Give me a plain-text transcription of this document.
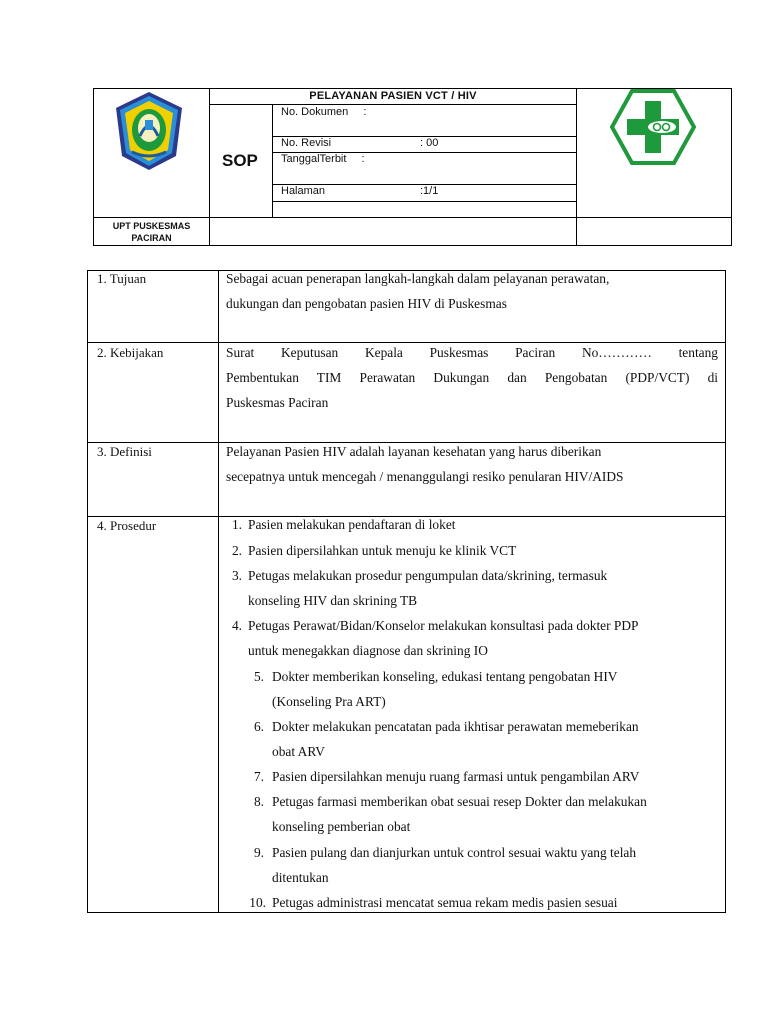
PELAYANAN PASIEN VCT / HIV
SOP
No. Dokumen :
No. Revisi	: 00
TanggalTerbit :
Halaman	:1/1
UPT PUSKESMAS
PACIRAN
1. Tujuan	Sebagai acuan penerapan langkah-langkah dalam pelayanan perawatan,
dukungan dan pengobatan pasien HIV di Puskesmas
2. Kebijakan	Surat Keputusan Kepala Puskesmas Paciran No………… tentang
Pembentukan TIM Perawatan Dukungan dan Pengobatan (PDP/VCT) di
Puskesmas Paciran
3. Definisi	Pelayanan Pasien HIV adalah layanan kesehatan yang harus diberikan
secepatnya untuk mencegah / menanggulangi resiko penularan HIV/AIDS
4. Prosedur	1. Pasien melakukan pendaftaran di loket
2. Pasien dipersilahkan untuk menuju ke klinik VCT
3. Petugas melakukan prosedur pengumpulan data/skrining, termasuk
konseling HIV dan skrining TB
4. Petugas Perawat/Bidan/Konselor melakukan konsultasi pada dokter PDP
untuk menegakkan diagnose dan skrining IO
5. Dokter memberikan konseling, edukasi tentang pengobatan HIV
(Konseling Pra ART)
6. Dokter melakukan pencatatan pada ikhtisar perawatan memeberikan
obat ARV
7. Pasien dipersilahkan menuju ruang farmasi untuk pengambilan ARV
8. Petugas farmasi memberikan obat sesuai resep Dokter dan melakukan
konseling pemberian obat
9. Pasien pulang dan dianjurkan untuk control sesuai waktu yang telah
ditentukan
10. Petugas administrasi mencatat semua rekam medis pasien sesuai
